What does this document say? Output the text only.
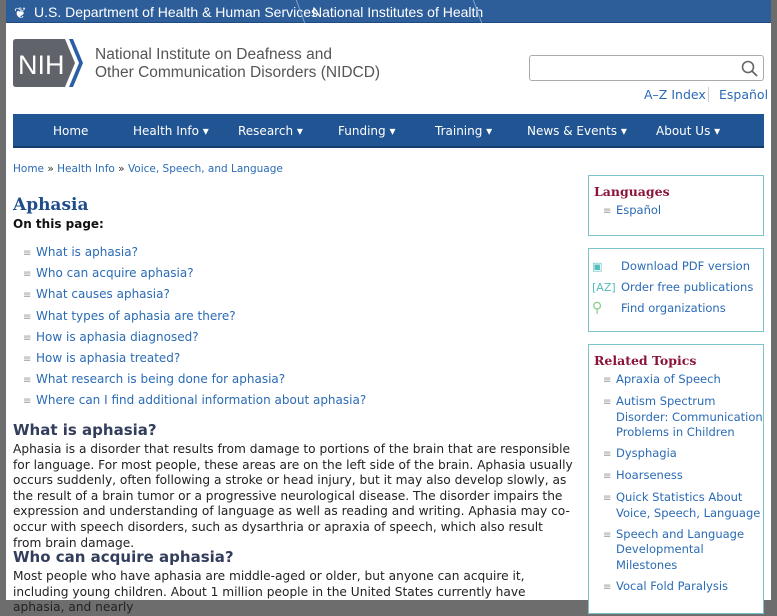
❦ U.S. Department of Health & Human Services
National Institutes of Health
NIH National Institute on Deafness and
Other Communication Disorders (NIDCD)
A–Z Index Español
Home	Health Info ▾ Research ▾	Funding ▾	Training ▾	News & Events ▾ About Us ▾
Home » Health Info » Voice, Speech, and Language
Aphasia
On this page:
≡ What is aphasia?
≡ Who can acquire aphasia?
≡ What causes aphasia?
≡ What types of aphasia are there?
≡ How is aphasia diagnosed?
≡ How is aphasia treated?
≡ What research is being done for aphasia?
≡ Where can I find additional information about aphasia?
What is aphasia?

Aphasia is a disorder that results from damage to portions of the brain that are responsible for language. For most people, these areas are on the left side of the brain. Aphasia usually occurs suddenly, often following a stroke or head injury, but it may also develop slowly, as the result of a brain tumor or a progressive neurological disease. The disorder impairs the expression and understanding of language as well as reading and writing. Aphasia may co-occur with speech disorders, such as dysarthria or apraxia of speech, which also result from brain damage.

Who can acquire aphasia?

Most people who have aphasia are middle-aged or older, but anyone can acquire it, including young children. About 1 million people in the United States currently have aphasia, and nearly

Languages
≡ Español
▣	Download PDF version
[AZ] Order free publications
⚲	Find organizations
Related Topics
≡ Apraxia of Speech
≡ Autism Spectrum Disorder: Communication Problems in Children
≡ Dysphagia
≡ Hoarseness
≡ Quick Statistics About Voice, Speech, Language
≡ Speech and Language Developmental Milestones
≡ Vocal Fold Paralysis
